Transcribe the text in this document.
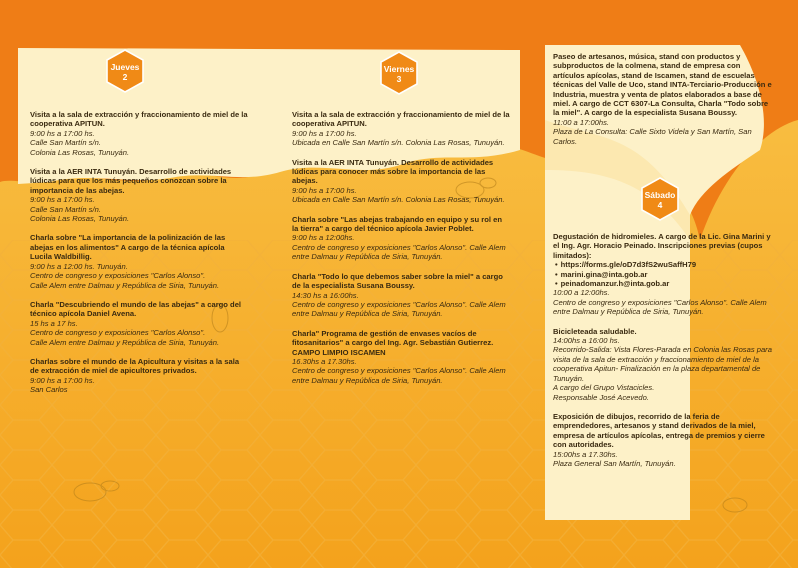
Jueves
2
Viernes
3
Sábado
4
Visita a la sala de extracción y fraccionamiento de miel de la cooperativa APITUN.
9:00 hs a 17:00 hs.
Calle San Martín s/n.
Colonia Las Rosas, Tunuyán.
Visita a la AER INTA Tunuyán. Desarrollo de actividades lúdicas para que los más pequeños conozcan sobre la importancia de las abejas.
9:00 hs a 17:00 hs.
Calle San Martín s/n.
Colonia Las Rosas, Tunuyán.
Charla sobre "La importancia de la polinización de las abejas en los alimentos" A cargo de la técnica apícola Lucila Waldbillig.
9:00 hs a 12:00 hs. Tunuyán.
Centro de congreso y exposiciones "Carlos Alonso".
Calle Alem entre Dalmau y República de Siria, Tunuyán.
Charla "Descubriendo el mundo de las abejas" a cargo del técnico apícola Daniel Avena.
15 hs a 17 hs.
Centro de congreso y exposiciones "Carlos Alonso".
Calle Alem entre Dalmau y República de Siria, Tunuyán.
Charlas sobre el mundo de la Apicultura y visitas a la sala de extracción de miel de apicultores privados.
9:00 hs a 17:00 hs.
San Carlos
Visita a la sala de extracción y fraccionamiento de miel de la cooperativa APITUN.
9:00 hs a 17:00 hs.
Ubicada en Calle San Martín s/n. Colonia Las Rosas, Tunuyán.
Visita a la AER INTA Tunuyán. Desarrollo de actividades lúdicas para conocer más sobre la importancia de las abejas.
9:00 hs a 17:00 hs.
Ubicada en Calle San Martín s/n. Colonia Las Rosas, Tunuyán.
Charla sobre "Las abejas trabajando en equipo y su rol en la tierra" a cargo del técnico apícola Javier Poblet.
9:00 hs a 12:00hs.
Centro de congreso y exposiciones "Carlos Alonso". Calle Alem entre Dalmau y República de Siria, Tunuyán.
Charla "Todo lo que debemos saber sobre la miel" a cargo de la especialista Susana Boussy.
14:30 hs a 16:00hs.
Centro de congreso y exposiciones "Carlos Alonso". Calle Alem entre Dalmau y República de Siria, Tunuyán.
Charla" Programa de gestión de envases vacíos de fitosanitarios" a cargo del Ing. Agr. Sebastián Gutierrez. CAMPO LIMPIO ISCAMEN
16.30hs a 17.30hs.
Centro de congreso y exposiciones "Carlos Alonso". Calle Alem entre Dalmau y República de Siria, Tunuyán.
Paseo de artesanos, música, stand con productos y subproductos de la colmena, stand de empresa con artículos apícolas, stand de Iscamen, stand de escuelas técnicas del Valle de Uco, stand INTA-Terciario-Producción e Industria, muestra y venta de platos elaborados a base de miel. A cargo de CCT 6307-La Consulta, Charla "Todo sobre la miel". A cargo de la especialista Susana Boussy.
11:00 a 17:00hs.
Plaza de La Consulta: Calle Sixto Videla y San Martín, San Carlos.
Degustación de hidromieles. A cargo de la Lic. Gina Marini y el Ing. Agr. Horacio Peinado. Inscripciones previas (cupos limitados):
• https://forms.gle/oD7d3fS2wuSaffH79
• marini.gina@inta.gob.ar
• peinadomanzur.h@inta.gob.ar
10:00 a 12:00hs.
Centro de congreso y exposiciones "Carlos Alonso". Calle Alem entre Dalmau y República de Siria, Tunuyán.
Bicicleteada saludable.
14:00hs a 16:00 hs.
Recorrido-Salida: Vista Flores-Parada en Colonia las Rosas para visita de la sala de extracción y fraccionamiento de miel de la cooperativa Apitun- Finalización en la plaza departamental de Tunuyán.
A cargo del Grupo Vistacicles.
Responsable José Acevedo.
Exposición de dibujos, recorrido de la feria de emprendedores, artesanos y stand derivados de la miel, empresa de artículos apícolas, entrega de premios y cierre con autoridades.
15:00hs a 17.30hs.
Plaza General San Martín, Tunuyán.
